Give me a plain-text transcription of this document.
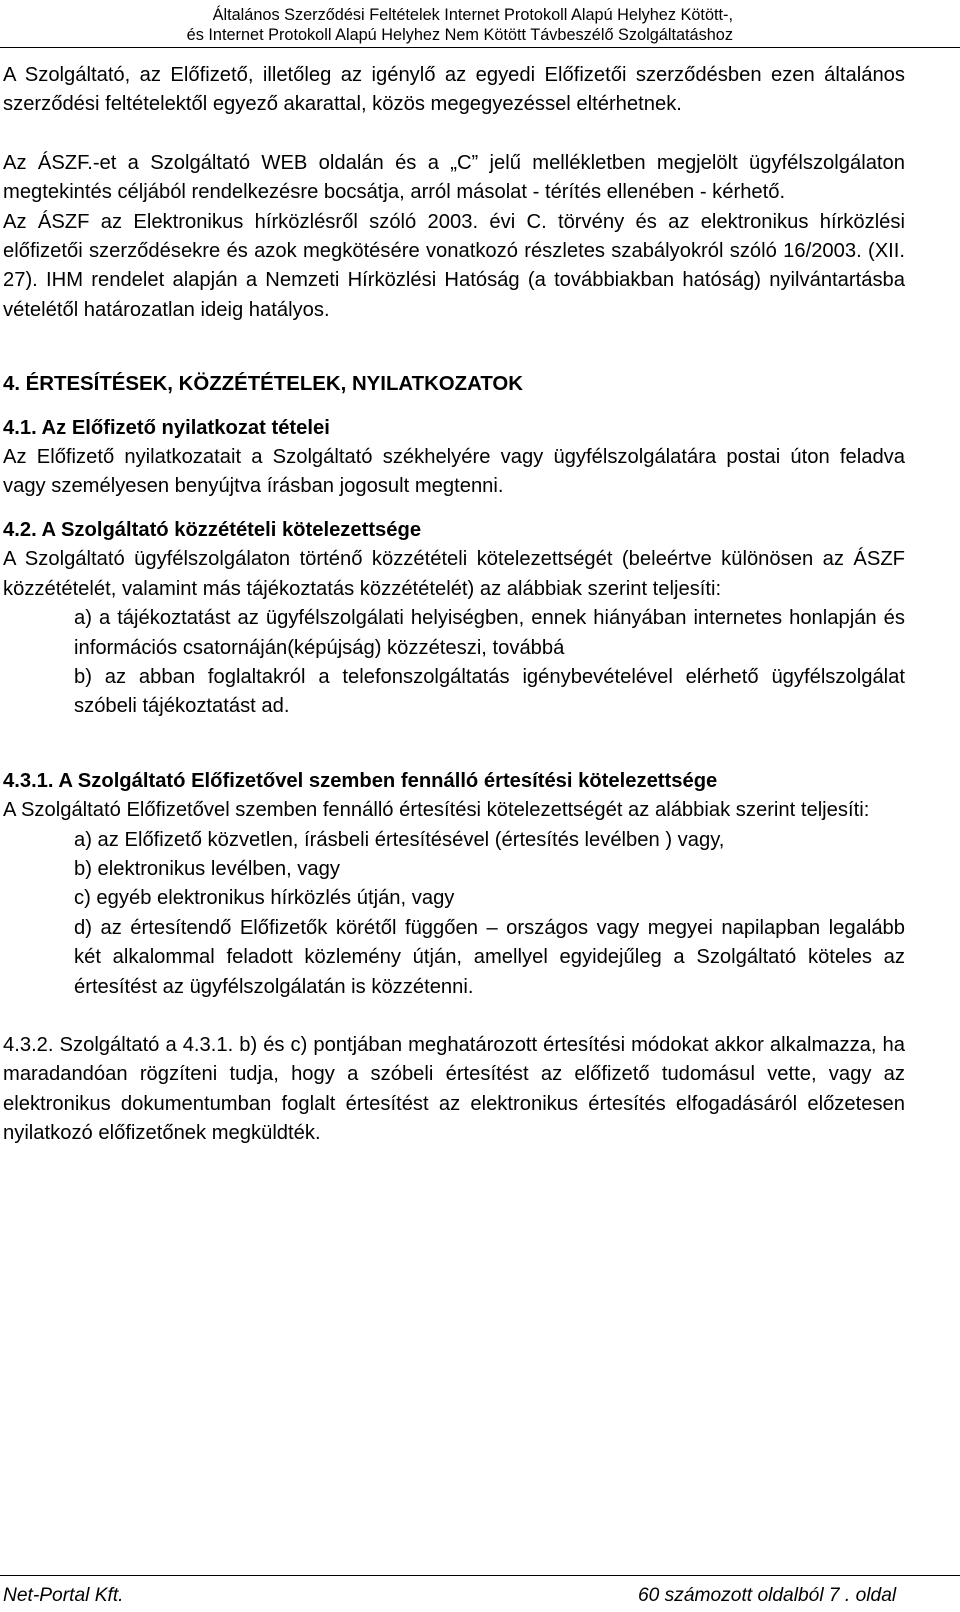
Általános Szerződési Feltételek Internet Protokoll Alapú Helyhez Kötött-,
és Internet Protokoll Alapú Helyhez Nem Kötött Távbeszélő Szolgáltatáshoz

A Szolgáltató, az Előfizető, illetőleg az igénylő az egyedi Előfizetői szerződésben ezen általános szerződési feltételektől egyező akarattal, közös megegyezéssel eltérhetnek.

Az ÁSZF.-et a Szolgáltató WEB oldalán és a „C” jelű mellékletben megjelölt ügyfélszolgálaton megtekintés céljából rendelkezésre bocsátja, arról másolat - térítés ellenében - kérhető.

Az ÁSZF az Elektronikus hírközlésről szóló 2003. évi C. törvény és az elektronikus hírközlési előfizetői szerződésekre és azok megkötésére vonatkozó részletes szabályokról szóló 16/2003. (XII. 27). IHM rendelet alapján a Nemzeti Hírközlési Hatóság (a továbbiakban hatóság) nyilvántartásba vételétől határozatlan ideig hatályos.

4. ÉRTESÍTÉSEK, KÖZZÉTÉTELEK, NYILATKOZATOK
4.1. Az Előfizető nyilatkozat tételei

Az Előfizető nyilatkozatait a Szolgáltató székhelyére vagy ügyfélszolgálatára postai úton feladva vagy személyesen benyújtva írásban jogosult megtenni.

4.2. A Szolgáltató közzétételi kötelezettsége

A Szolgáltató ügyfélszolgálaton történő közzétételi kötelezettségét (beleértve különösen az ÁSZF közzétételét, valamint más tájékoztatás közzétételét) az alábbiak szerint teljesíti:

a) a tájékoztatást az ügyfélszolgálati helyiségben, ennek hiányában internetes honlapján és információs csatornáján(képújság) közzéteszi, továbbá

b) az abban foglaltakról a telefonszolgáltatás igénybevételével elérhető ügyfélszolgálat szóbeli tájékoztatást ad.

4.3.1. A Szolgáltató Előfizetővel szemben fennálló értesítési kötelezettsége

A Szolgáltató Előfizetővel szemben fennálló értesítési kötelezettségét az alábbiak szerint teljesíti:

a) az Előfizető közvetlen, írásbeli értesítésével (értesítés levélben ) vagy,

b) elektronikus levélben, vagy

c) egyéb elektronikus hírközlés útján, vagy

d) az értesítendő Előfizetők körétől függően – országos vagy megyei napilapban legalább két alkalommal feladott közlemény útján, amellyel egyidejűleg a Szolgáltató köteles az értesítést az ügyfélszolgálatán is közzétenni.

4.3.2. Szolgáltató a 4.3.1. b) és c) pontjában meghatározott értesítési módokat akkor alkalmazza, ha maradandóan rögzíteni tudja, hogy a szóbeli értesítést az előfizető tudomásul vette, vagy az elektronikus dokumentumban foglalt értesítést az elektronikus értesítés elfogadásáról előzetesen nyilatkozó előfizetőnek megküldték.

Net-Portal Kft.	60 számozott oldalból 7 . oldal
